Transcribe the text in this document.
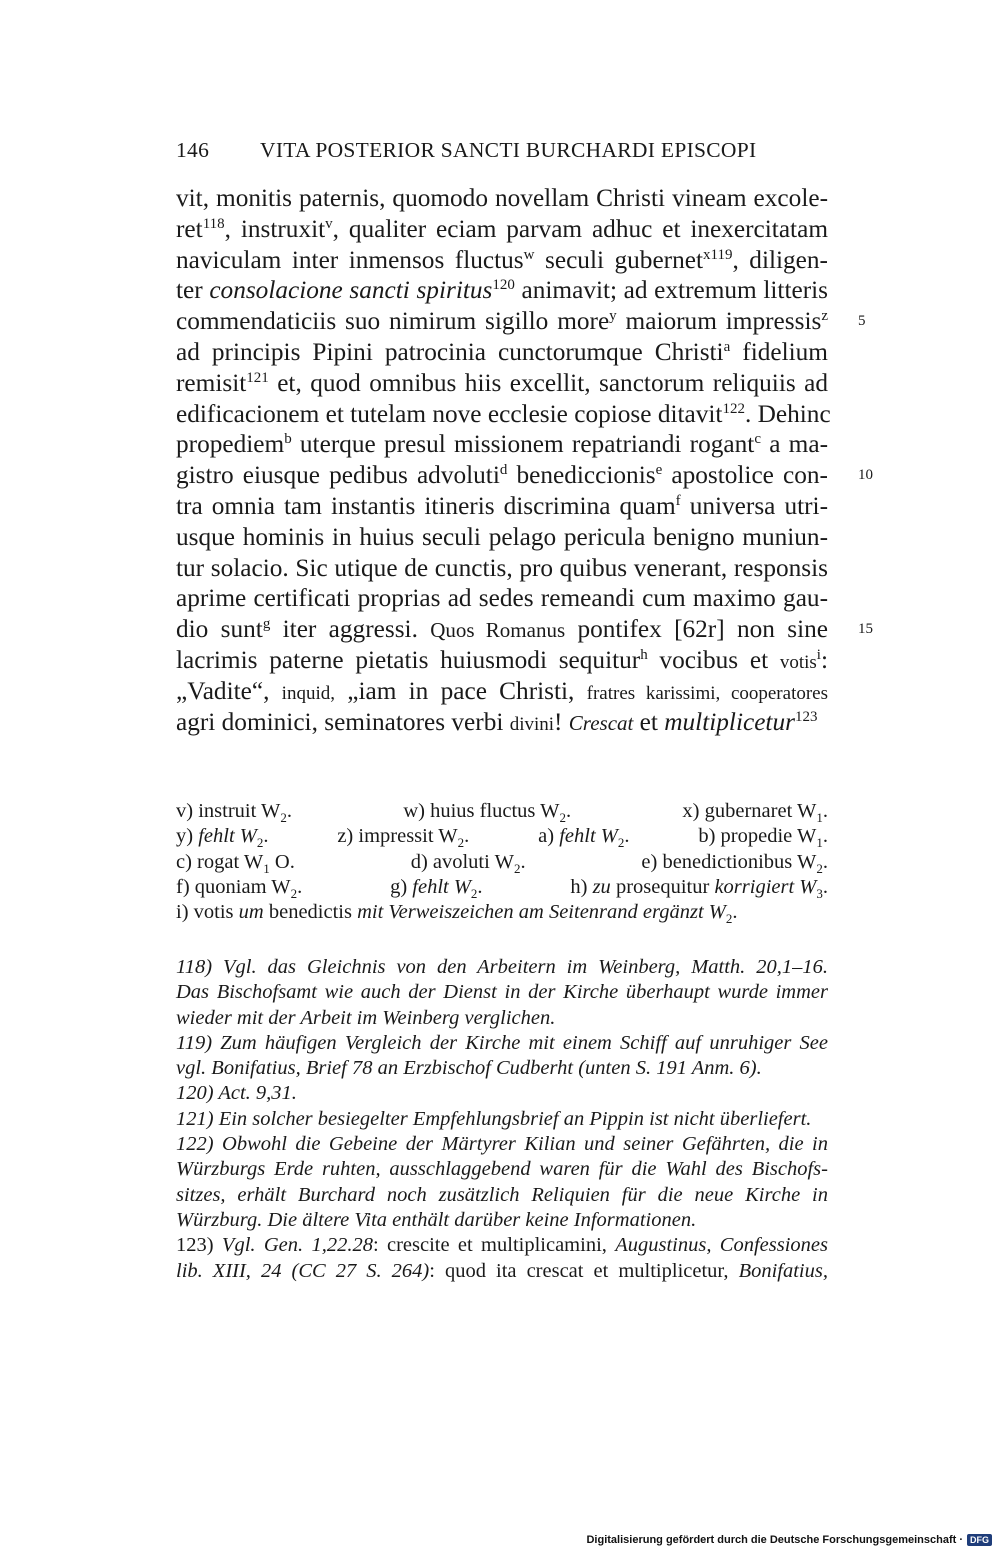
146 VITA POSTERIOR SANCTI BURCHARDI EPISCOPI
vit, monitis paternis, quomodo novellam Christi vineam excole-
ret$^{118}$, instruxit$^v$, qualiter eciam parvam adhuc et inexercitatam
naviculam inter inmensos fluctus$^w$ seculi gubernet$^{x119}$, diligen-
ter consolacione sancti spiritus$^{120}$ animavit; ad extremum litteris
commendaticiis suo nimirum sigillo more$^y$ maiorum impressis$^z$ 5
ad principis Pipini patrocinia cunctorumque Christi$^a$ fidelium
remisit$^{121}$ et, quod omnibus hiis excellit, sanctorum reliquiis ad
edificacionem et tutelam nove ecclesie copiose ditavit$^{122}$. Dehinc
propediem$^b$ uterque presul missionem repatriandi rogant$^c$ a ma-
gistro eiusque pedibus advoluti$^d$ benediccionis$^e$ apostolice con- 10
tra omnia tam instantis itineris discrimina quam$^f$ universa utri-
usque hominis in huius seculi pelago pericula benigno muniun-
tur solacio. Sic utique de cunctis, pro quibus venerant, responsis
aprime certificati proprias ad sedes remeandi cum maximo gau-
dio sunt$^g$ iter aggressi. Quos Romanus pontifex [62r] non sine 15
lacrimis paterne pietatis huiusmodi sequitur$^h$ vocibus et votis$^i$:
„Vadite“, inquid, „iam in pace Christi, fratres karissimi, cooperatores
agri dominici, seminatores verbi divini! Crescat et multiplicetur$^{123}$
v) instruit $W_2$.	w) huius fluctus $W_2$.	x) gubernaret $W_1$.
y) fehlt $W_2$.	z) impressit $W_2$.	a) fehlt $W_2$.	b) propedie $W_1$.
c) rogat $W_1$ O.	d) avoluti $W_2$.	e) benedictionibus $W_2$.
f) quoniam $W_2$.	g) fehlt $W_2$.	h) zu prosequitur korrigiert $W_3$.
i) votis um benedictis mit Verweiszeichen am Seitenrand ergänzt $W_2$.
118) Vgl. das Gleichnis von den Arbeitern im Weinberg, Matth. 20,1–16.
Das Bischofsamt wie auch der Dienst in der Kirche überhaupt wurde immer
wieder mit der Arbeit im Weinberg verglichen.
119) Zum häufigen Vergleich der Kirche mit einem Schiff auf unruhiger See
vgl. Bonifatius, Brief 78 an Erzbischof Cudberht (unten S. 191 Anm. 6).
120) Act. 9,31.
121) Ein solcher besiegelter Empfehlungsbrief an Pippin ist nicht überliefert.
122) Obwohl die Gebeine der Märtyrer Kilian und seiner Gefährten, die in
Würzburgs Erde ruhten, ausschlaggebend waren für die Wahl des Bischofs-
sitzes, erhält Burchard noch zusätzlich Reliquien für die neue Kirche in
Würzburg. Die ältere Vita enthält darüber keine Informationen.
123) Vgl. Gen. 1,22.28: crescite et multiplicamini, Augustinus, Confessiones
lib. XIII, 24 (CC 27 S. 264): quod ita crescat et multiplicetur, Bonifatius,
Digitalisierung gefördert durch die Deutsche Forschungsgemeinschaft · DFG
